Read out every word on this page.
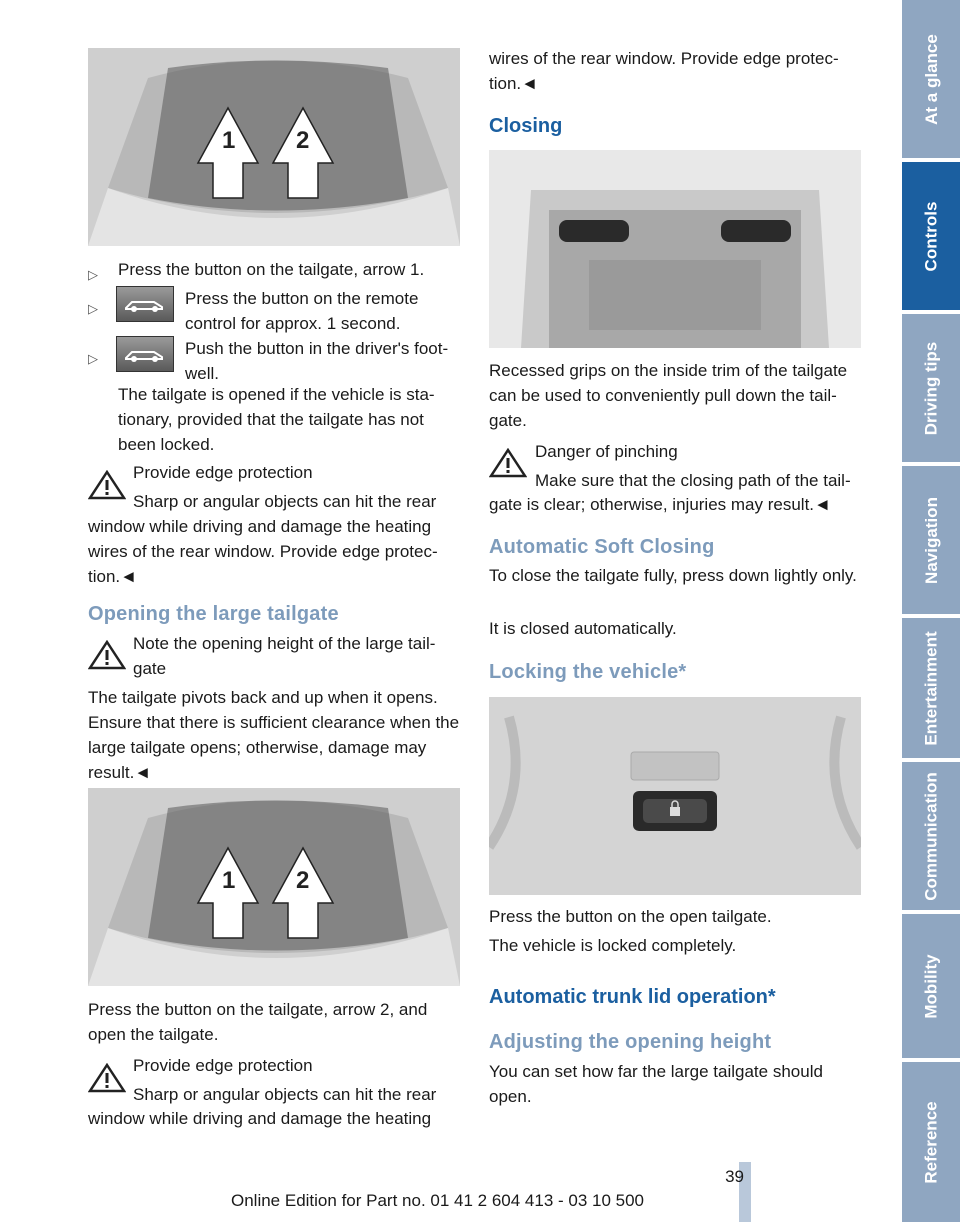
1	2
▷ Press the button on the tailgate, arrow 1.

▷

Press the button on the remote control for approx. 1 second.

▷

Push the button in the driver's foot-well.

The tailgate is opened if the vehicle is sta-tionary, provided that the tailgate has not been locked.

Provide edge protection

Sharp or angular objects can hit the rear

window while driving and damage the heating wires of the rear window. Provide edge protec-tion.◄

Opening the large tailgate

Note the opening height of the large tail-gate

The tailgate pivots back and up when it opens. Ensure that there is sufficient clearance when the large tailgate opens; otherwise, damage may result.◄

1	2

Press the button on the tailgate, arrow 2, and open the tailgate.

Provide edge protection

Sharp or angular objects can hit the rear

window while driving and damage the heating

wires of the rear window. Provide edge protec-tion.◄

Closing

Recessed grips on the inside trim of the tailgate can be used to conveniently pull down the tail-gate.

Danger of pinching

Make sure that the closing path of the tail-

gate is clear; otherwise, injuries may result.◄

Automatic Soft Closing

To close the tailgate fully, press down lightly only.

It is closed automatically.

Locking the vehicle*

Press the button on the open tailgate.

The vehicle is locked completely.

Automatic trunk lid operation*
Adjusting the opening height

You can set how far the large tailgate should open.

At a glance
Controls
Driving tips
Navigation
Entertainment
Communication
Mobility
Reference
39
Online Edition for Part no. 01 41 2 604 413 - 03 10 500
